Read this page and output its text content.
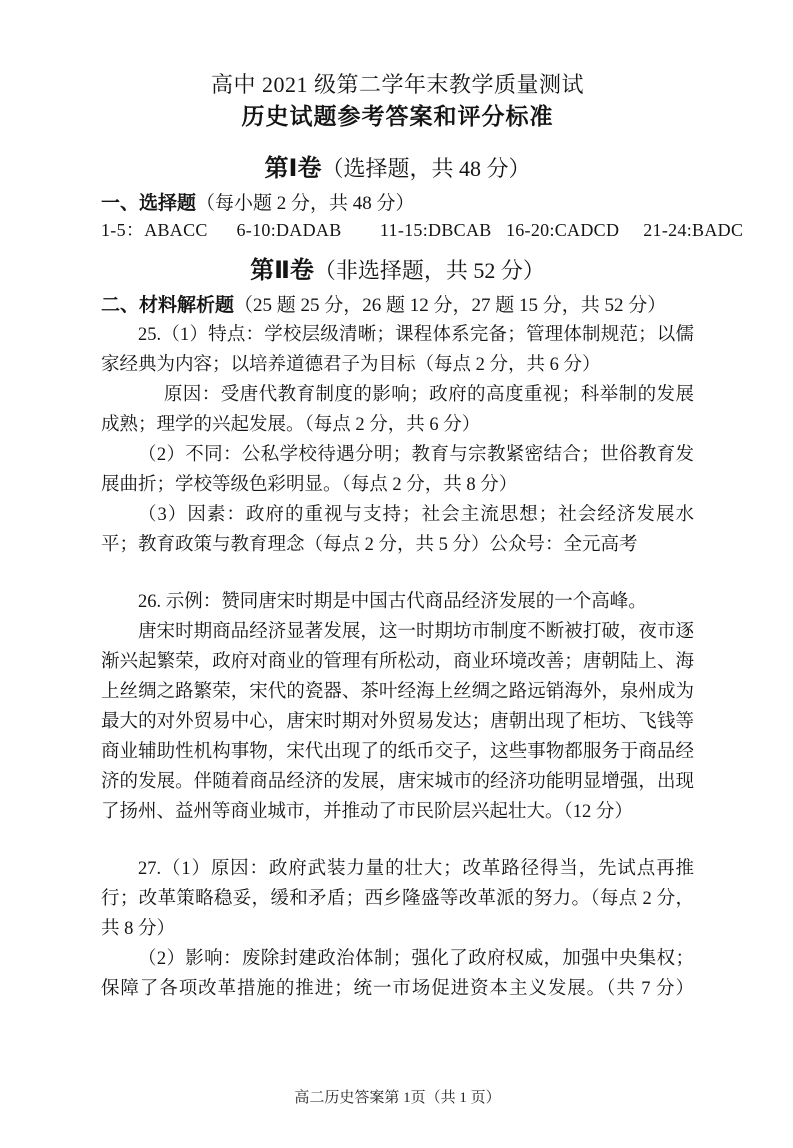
高中 2021 级第二学年末教学质量测试
历史试题参考答案和评分标准
第Ⅰ卷（选择题，共 48 分）
一、选择题（每小题 2 分，共 48 分）
1-5：ABACC      6-10:DADAB        11-15:DBCAB   16-20:CADCD     21-24:BADC
第Ⅱ卷（非选择题，共 52 分）
二、材料解析题（25 题 25 分，26 题 12 分，27 题 15 分，共 52 分）

25.（1）特点：学校层级清晰；课程体系完备；管理体制规范；以儒家经典为内容；以培养道德君子为目标（每点 2 分，共 6 分）

原因：受唐代教育制度的影响；政府的高度重视；科举制的发展成熟；理学的兴起发展。（每点 2 分，共 6 分）

（2）不同：公私学校待遇分明；教育与宗教紧密结合；世俗教育发展曲折；学校等级色彩明显。（每点 2 分，共 8 分）

（3）因素：政府的重视与支持；社会主流思想；社会经济发展水平；教育政策与教育理念（每点 2 分，共 5 分）公众号：全元高考

26. 示例：赞同唐宋时期是中国古代商品经济发展的一个高峰。

唐宋时期商品经济显著发展，这一时期坊市制度不断被打破，夜市逐渐兴起繁荣，政府对商业的管理有所松动，商业环境改善；唐朝陆上、海上丝绸之路繁荣，宋代的瓷器、茶叶经海上丝绸之路远销海外，泉州成为最大的对外贸易中心，唐宋时期对外贸易发达；唐朝出现了柜坊、飞钱等商业辅助性机构事物，宋代出现了的纸币交子，这些事物都服务于商品经济的发展。伴随着商品经济的发展，唐宋城市的经济功能明显增强，出现了扬州、益州等商业城市，并推动了市民阶层兴起壮大。（12 分）

27.（1）原因：政府武装力量的壮大；改革路径得当，先试点再推行；改革策略稳妥，缓和矛盾；西乡隆盛等改革派的努力。（每点 2 分，共 8 分）

（2）影响：废除封建政治体制；强化了政府权威，加强中央集权；保障了各项改革措施的推进；统一市场促进资本主义发展。（共 7 分）

高二历史答案第 1页（共 1 页）
